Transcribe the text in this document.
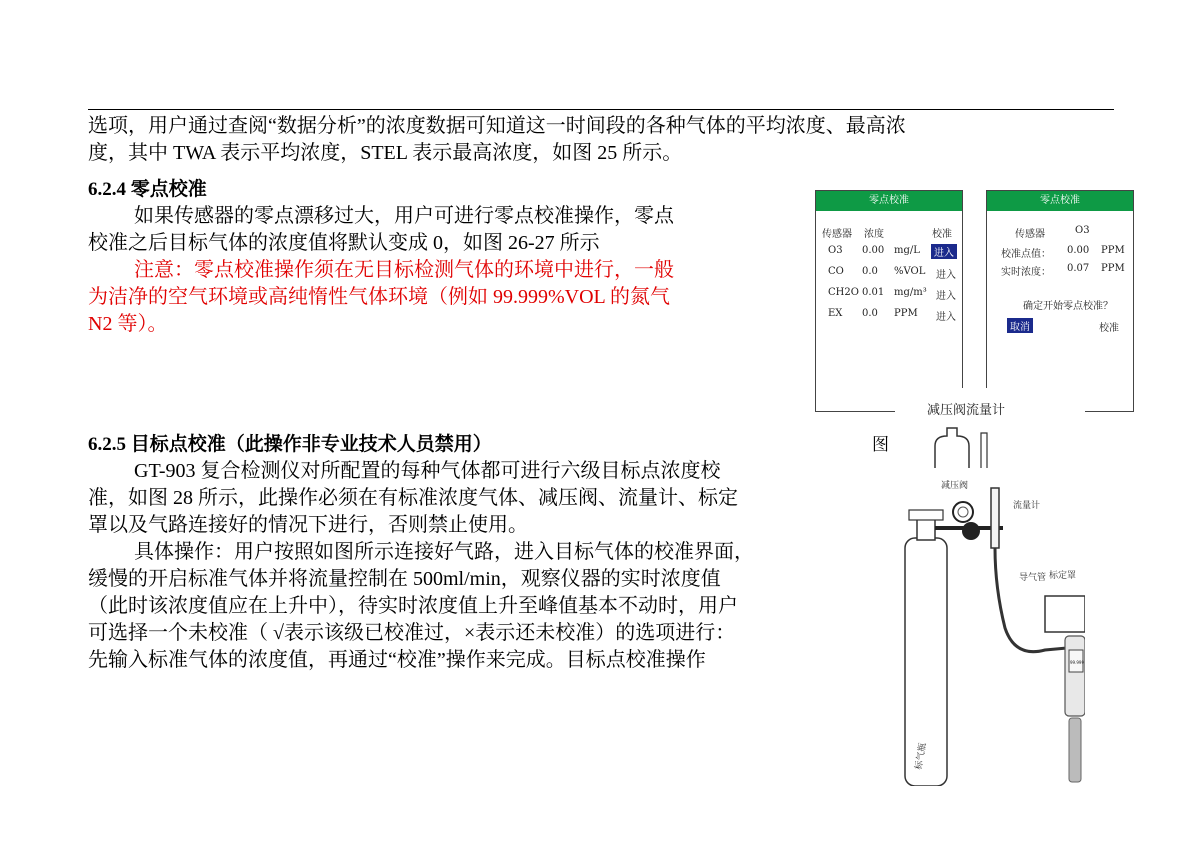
选项，用户通过查阅“数据分析”的浓度数据可知道这一时间段的各种气体的平均浓度、最高浓
度，其中 TWA 表示平均浓度，STEL 表示最高浓度，如图 25 所示。
6.2.4 零点校准
如果传感器的零点漂移过大，用户可进行零点校准操作，零点
校准之后目标气体的浓度值将默认变成 0，如图 26-27 所示
注意：零点校准操作须在无目标检测气体的环境中进行，一般
为洁净的空气环境或高纯惰性气体环境（例如 99.999%VOL 的氮气
N2 等）。
零点校准
传感器 浓度	校准
O3 0.00 mg/L	进入
CO 0.0 %VOL 进入
CH2O 0.01 mg/m³ 进入
EX 0.0 PPM 进入
零点校准
传感器	O3
校准点值： 0.00 PPM
实时浓度： 0.07 PPM
确定开始零点校准？
取消	校准
6.2.5 目标点校准（此操作非专业技术人员禁用）
GT-903 复合检测仪对所配置的每种气体都可进行六级目标点浓度校
准，如图 28 所示，此操作必须在有标准浓度气体、减压阀、流量计、标定
罩以及气路连接好的情况下进行，否则禁止使用。
具体操作：用户按照如图所示连接好气路，进入目标气体的校准界面，
缓慢的开启标准气体并将流量控制在 500ml/min，观察仪器的实时浓度值
（此时该浓度值应在上升中），待实时浓度值上升至峰值基本不动时，用户
可选择一个未校准（ √表示该级已校准过，×表示还未校准）的选项进行：
先输入标准气体的浓度值，再通过“校准”操作来完成。目标点校准操作
图
减压阀流量计
标气瓶
减压阀
流量计
导气管 标定罩
99.999
